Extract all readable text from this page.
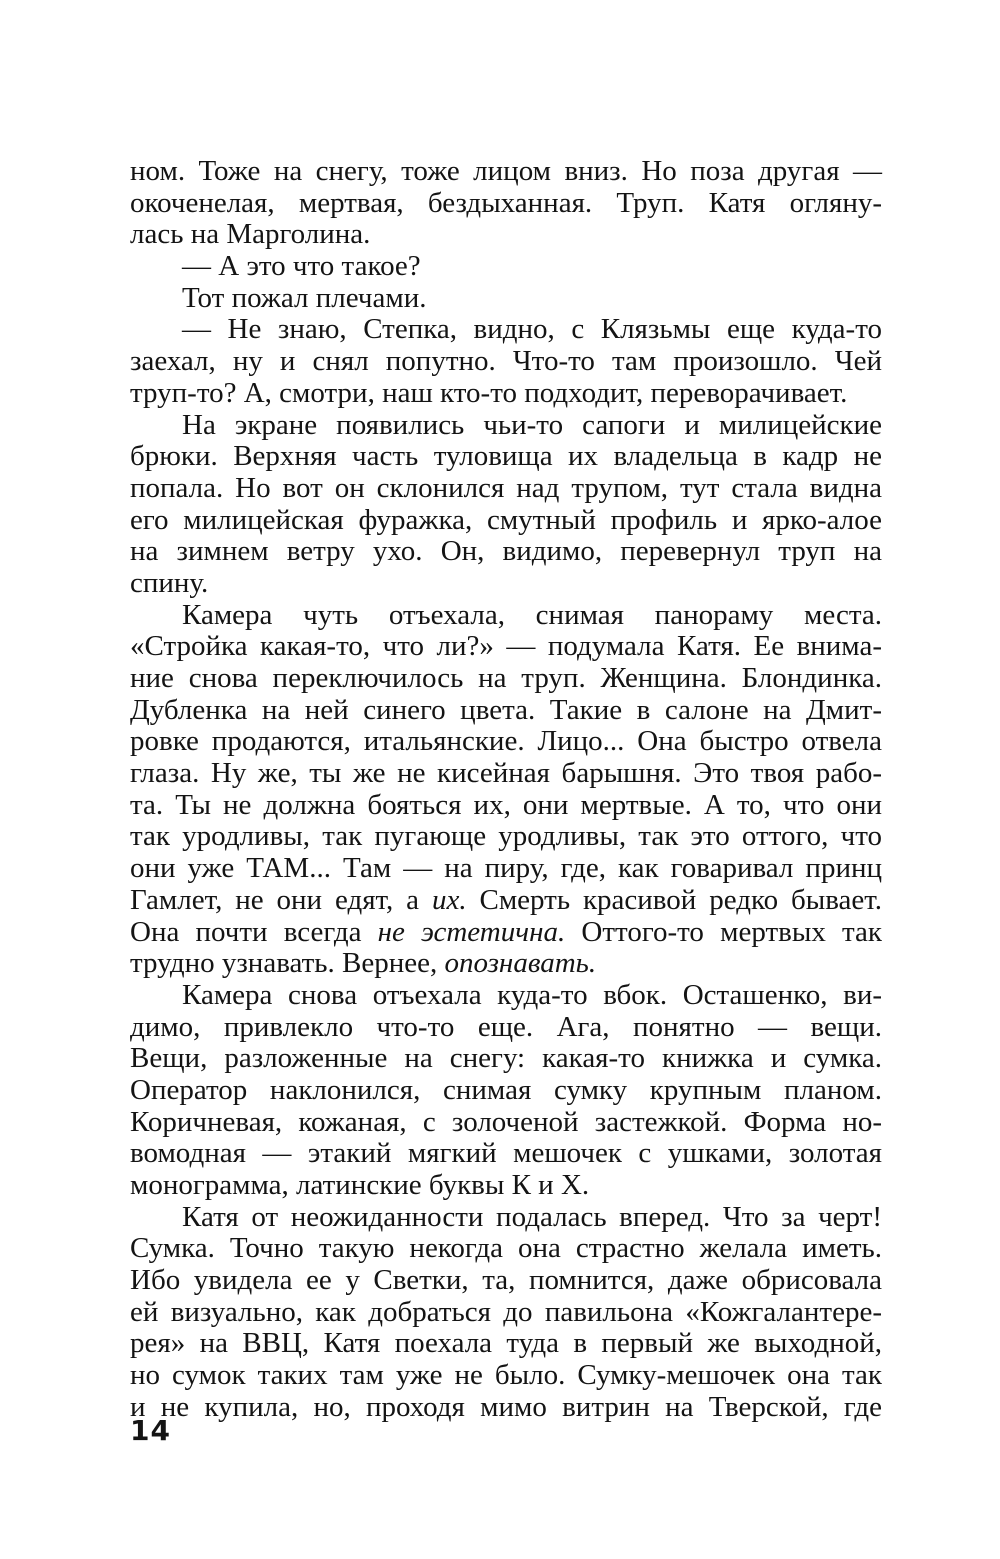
ном. Тоже на снегу, тоже лицом вниз. Но поза другая —
окоченелая, мертвая, бездыханная. Труп. Катя огляну-
лась на Марголина.
— А это что такое?
Тот пожал плечами.
— Не знаю, Степка, видно, с Клязьмы еще куда-то
заехал, ну и снял попутно. Что-то там произошло. Чей
труп-то? А, смотри, наш кто-то подходит, переворачивает.
На экране появились чьи-то сапоги и милицейские
брюки. Верхняя часть туловища их владельца в кадр не
попала. Но вот он склонился над трупом, тут стала видна
его милицейская фуражка, смутный профиль и ярко-алое
на зимнем ветру ухо. Он, видимо, перевернул труп на
спину.
Камера чуть отъехала, снимая панораму места.
«Стройка какая-то, что ли?» — подумала Катя. Ее внима-
ние снова переключилось на труп. Женщина. Блондинка.
Дубленка на ней синего цвета. Такие в салоне на Дмит-
ровке продаются, итальянские. Лицо... Она быстро отвела
глаза. Ну же, ты же не кисейная барышня. Это твоя рабо-
та. Ты не должна бояться их, они мертвые. А то, что они
так уродливы, так пугающе уродливы, так это оттого, что
они уже ТАМ... Там — на пиру, где, как говаривал принц
Гамлет, не они едят, а их. Смерть красивой редко бывает.
Она почти всегда не эстетична. Оттого-то мертвых так
трудно узнавать. Вернее, опознавать.
Камера снова отъехала куда-то вбок. Осташенко, ви-
димо, привлекло что-то еще. Ага, понятно — вещи.
Вещи, разложенные на снегу: какая-то книжка и сумка.
Оператор наклонился, снимая сумку крупным планом.
Коричневая, кожаная, с золоченой застежкой. Форма но-
вомодная — этакий мягкий мешочек с ушками, золотая
монограмма, латинские буквы К и Х.
Катя от неожиданности подалась вперед. Что за черт!
Сумка. Точно такую некогда она страстно желала иметь.
Ибо увидела ее у Светки, та, помнится, даже обрисовала
ей визуально, как добраться до павильона «Кожгалантере-
рея» на ВВЦ, Катя поехала туда в первый же выходной,
но сумок таких там уже не было. Сумку-мешочек она так
и не купила, но, проходя мимо витрин на Тверской, где
14
